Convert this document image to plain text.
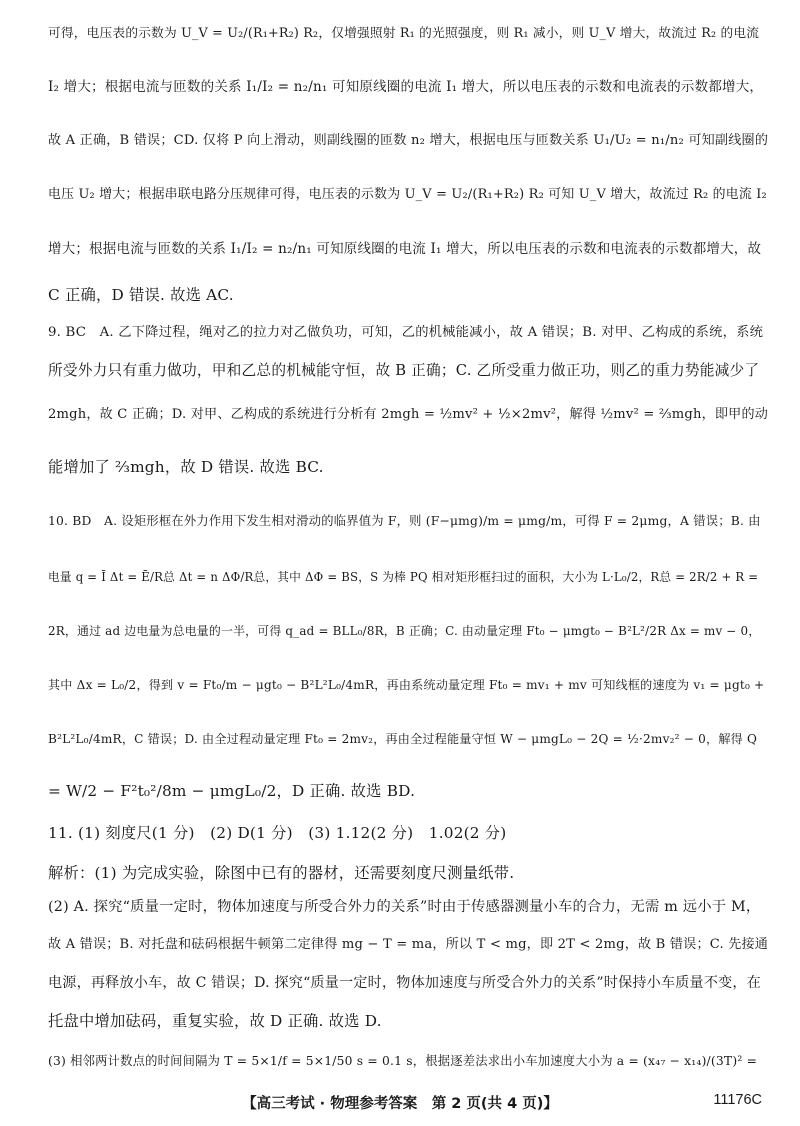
可得，电压表的示数为 U_V = U₂/(R₁+R₂) R₂，仅增强照射 R₁ 的光照强度，则 R₁ 减小，则 U_V 增大，故流过 R₂ 的电流
I₂ 增大；根据电流与匝数的关系 I₁/I₂ = n₂/n₁ 可知原线圈的电流 I₁ 增大，所以电压表的示数和电流表的示数都增大，
故 A 正确，B 错误；CD. 仅将 P 向上滑动，则副线圈的匝数 n₂ 增大，根据电压与匝数关系 U₁/U₂ = n₁/n₂ 可知副线圈的
电压 U₂ 增大；根据串联电路分压规律可得，电压表的示数为 U_V = U₂/(R₁+R₂) R₂ 可知 U_V 增大，故流过 R₂ 的电流 I₂
增大；根据电流与匝数的关系 I₁/I₂ = n₂/n₁ 可知原线圈的电流 I₁ 增大，所以电压表的示数和电流表的示数都增大，故
C 正确，D 错误. 故选 AC.
9. BC　A. 乙下降过程，绳对乙的拉力对乙做负功，可知，乙的机械能减小，故 A 错误；B. 对甲、乙构成的系统，系统
所受外力只有重力做功，甲和乙总的机械能守恒，故 B 正确；C. 乙所受重力做正功，则乙的重力势能减少了
2mgh，故 C 正确；D. 对甲、乙构成的系统进行分析有 2mgh = ½mv² + ½×2mv²，解得 ½mv² = ⅔mgh，即甲的动
能增加了 ⅔mgh，故 D 错误. 故选 BC.
10. BD　A. 设矩形框在外力作用下发生相对滑动的临界值为 F，则 (F−μmg)/m = μmg/m，可得 F = 2μmg，A 错误；B. 由
电量 q = Ī Δt = Ē/R总 Δt = n ΔΦ/R总，其中 ΔΦ = BS，S 为棒 PQ 相对矩形框扫过的面积，大小为 L·L₀/2，R总 = 2R/2 + R =
2R，通过 ad 边电量为总电量的一半，可得 q_ad = BLL₀/8R，B 正确；C. 由动量定理 Ft₀ − μmgt₀ − B²L²/2R Δx = mv − 0，
其中 Δx = L₀/2，得到 v = Ft₀/m − μgt₀ − B²L²L₀/4mR，再由系统动量定理 Ft₀ = mv₁ + mv 可知线框的速度为 v₁ = μgt₀ +
B²L²L₀/4mR，C 错误；D. 由全过程动量定理 Ft₀ = 2mv₂，再由全过程能量守恒 W − μmgL₀ − 2Q = ½·2mv₂² − 0，解得 Q
= W/2 − F²t₀²/8m − μmgL₀/2，D 正确. 故选 BD.
11. (1) 刻度尺(1 分)　(2) D(1 分)　(3) 1.12(2 分)　1.02(2 分)
解析：(1) 为完成实验，除图中已有的器材，还需要刻度尺测量纸带.
(2) A. 探究“质量一定时，物体加速度与所受合外力的关系”时由于传感器测量小车的合力，无需 m 远小于 M，
故 A 错误；B. 对托盘和砝码根据牛顿第二定律得 mg − T = ma，所以 T < mg，即 2T < 2mg，故 B 错误；C. 先接通
电源，再释放小车，故 C 错误；D. 探究“质量一定时，物体加速度与所受合外力的关系”时保持小车质量不变，在
托盘中增加砝码，重复实验，故 D 正确. 故选 D.
(3) 相邻两计数点的时间间隔为 T = 5×1/f = 5×1/50 s = 0.1 s，根据逐差法求出小车加速度大小为 a = (x₄₇ − x₁₄)/(3T)² =
【高三考试 · 物理参考答案　第 2 页(共 4 页)】	11176C
